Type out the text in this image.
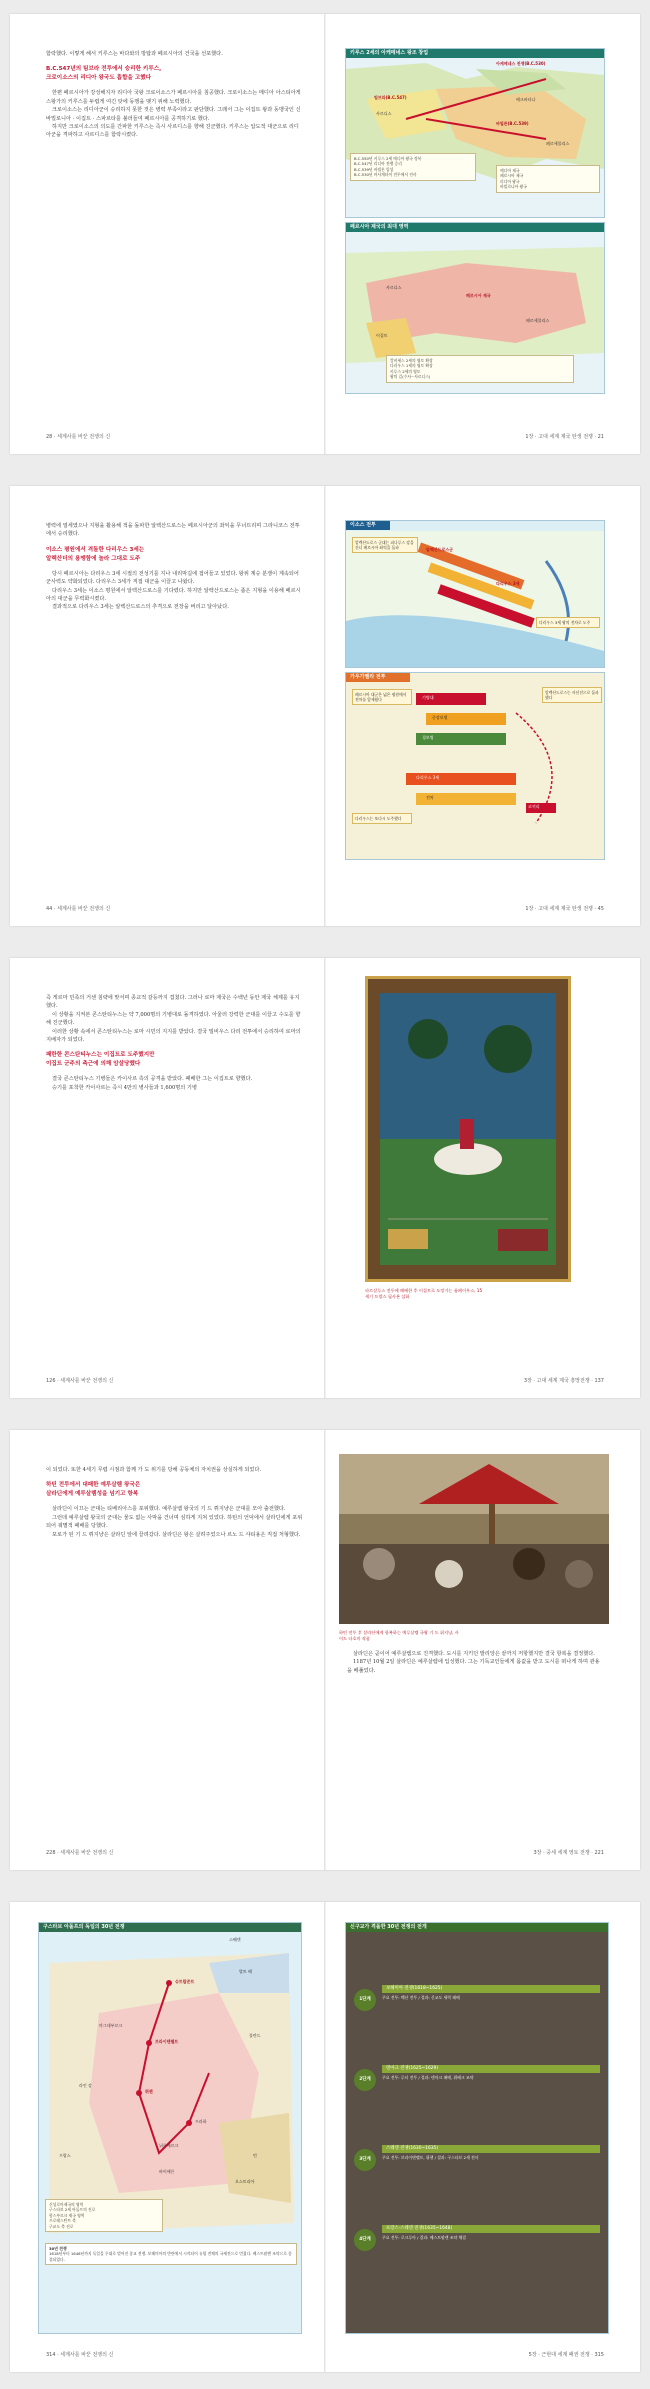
함락했다. 이렇게 해서 키루스는 바다와의 방탑과 페르시아의 건국을 선포했다.

B.C.547년의 팀브라 전투에서 승리한 키루스,
크로이소스의 리디아 왕국도 흡합을 고했다

한편 페르시아가 강성해지자 리디아 국왕 크로이소스가 페르시아를 침공했다. 크로이소스는 메디아 아스티아게스왕가의 키루스를 두렵게 여긴 탓에 동맹을 맺기 위해 노력했다.

크로이소스는 리디아군이 승리하지 못한 것은 병력 부족이라고 판단했다. 그래서 그는 이집트 왕과 동맹국인 신바빌로니아 · 이집트 · 스파르타를 불러들여 페르시아를 공격하기로 했다.

하지만 크로이소스의 의도를 간파한 키루스는 즉시 사르디스를 향해 진군했다. 키루스는 압도적 대군으로 리디아군을 격파하고 사르디스를 함락시켰다.

28 · 세계사를 바꾼 전쟁의 신
키루스 2세의 아케메네스 왕조 창업
아케메네스 전쟁(B.C.530)
팀브라(B.C.547)
사르디스
바빌론(B.C.539)
에크바타나
페르세폴리스
B.C.550년 키루스 2세 메디아 왕국 정복
B.C.547년 리디아 전쟁 승리
B.C.539년 바빌론 입성
B.C.530년 마사게타이 전투에서 전사
메디아 제국
페르시아 제국
리디아 왕국
바빌로니아 왕국
페르시아 제국의 최대 영역
페르시아 제국
이집트
사르디스
페르세폴리스
캄비세스 2세의 영토 확장
다리우스 1세의 영토 확장
키루스 2세의 영토
왕의 길(수사~사르디스)
1장 · 고대 세계 제국 탄생 전쟁 · 21

병력에 열세였으나 지형을 활용해 적을 돌파한 알렉산드로스는 페르시아군의 좌익을 무너뜨리며 그라니코스 전투에서 승리했다.

이소스 평원에서 격돌한 다리우스 3세는
알렉산더의 용맹함에 놀라 그대로 도주

당시 페르시아는 다리우스 3세 시절의 전성기를 지나 내리막길에 접어들고 있었다. 왕위 계승 분쟁이 계속되어 군사력도 약화되었다. 다리우스 3세가 직접 대군을 이끌고 나왔다.

다리우스 3세는 이소스 평원에서 알렉산드로스를 기다렸다. 하지만 알렉산드로스는 좁은 지형을 이용해 페르시아의 대군을 무력화시켰다.

결과적으로 다리우스 3세는 알렉산드로스의 추격으로 전장을 버리고 달아났다.

44 · 세계사를 바꾼 전쟁의 신
이소스 전투
알렉산드로스 군대는 피나루스 강을 건너 페르시아 좌익을 돌파
다리우스 3세 왕의 전차로 도주
알렉산드로스군
다리우스 3세
가우가멜라 전투
기병대
중장보병
경보병
다리우스 3세
전차
코끼리
페르시아 대군은 넓은 평원에서 전차를 앞세웠다
알렉산드로스는 사선진으로 돌파했다
다리우스는 또다시 도주했다
1장 · 고대 세계 제국 탄생 전쟁 · 45

즉 게르마 민족의 거센 침략에 맞서며 종교적 갈등까지 겹쳤다. 그러나 로마 제국은 수백년 동안 제국 체제를 유지했다.

이 상황을 지켜본 콘스탄티누스는 약 7,000명의 기병대로 돌격하였다. 아울러 강력한 군대를 이끌고 수도를 향해 진군했다.

이러한 상황 속에서 콘스탄티누스는 로마 시민의 지지를 받았다. 결국 밀비우스 다리 전투에서 승리하여 로마의 지배자가 되었다.

패한한 콘스탄티누스는 이집트로 도주했지만
이집트 군주의 측근에 의해 암살당했다

결국 콘스탄티누스 기병들은 카이사르 측의 공격을 받았다. 패배한 그는 이집트로 향했다.

승기를 포착한 카이사르는 즉시 4만의 병사들과 1,600명의 기병

126 · 세계사를 바꾼 전쟁의 신
파르살루스 전투에 패배한 후 이집트로 도망가는 폼페이우스, 15세기 프랑스 필사본 삽화
3장 · 고대 세계 제국 흥망전쟁 · 137

이 되었다. 또한 4세기 무렵 시점과 함께 가 도 위기를 당해 공동체의 자치권을 상실하게 되었다.

하틴 전투에서 대패한 예루살렘 왕국은
살라딘에게 예루살렘성을 넘기고 항복

살라딘이 이끄는 군대는 티베리아스를 포위했다. 예루살렘 왕국의 기 드 뤼지냥은 군대를 모아 출전했다.

그런데 예루살렘 왕국의 군대는 물도 없는 사막을 건너며 심하게 지쳐 있었다. 하틴의 언덕에서 살라딘에게 포위되어 궤멸적 패배를 당했다.

포로가 된 기 드 뤼지냥은 살라딘 앞에 끌려갔다. 살라딘은 왕은 살려주었으나 르노 드 샤티용은 직접 처형했다.

228 · 세계사를 바꾼 전쟁의 신
하틴 전투 후 살라딘에게 항복하는 예루살렘 국왕 기 드 뤼지냥, 사이드 타호미 작품

살라딘은 곧이어 예루살렘으로 진격했다. 도시를 지키던 발리앙은 끝까지 저항했지만 결국 항복을 결정했다.

1187년 10월 2일 살라딘은 예루살렘에 입성했다. 그는 기독교인들에게 몸값을 받고 도시를 떠나게 하며 관용을 베풀었다.

3장 · 중세 세계 영토 전쟁 · 221
구스타브 아돌프의 독일의 30년 전쟁
스웨덴
발트 해
슈트랄준트
브라이텐펠트
마그데부르크
뤼첸
프라하
폴란드
빈
오스트리아
바이에른
뉘른베르크
프랑스
라인 강
신성로마제국의 영역
구스타브 2세 아돌프의 진로
합스부르크 제국 영역
프로테스탄트 측
구교도 측 진로
30년 전쟁
1618년부터 1648년까지 독일을 무대로 벌어진 종교 전쟁. 보헤미아의 반란에서 시작되어 유럽 전체의 국제전으로 번졌다. 베스트팔렌 조약으로 종결되었다.
314 · 세계사를 바꾼 전쟁의 신
신구교가 격돌한 30년 전쟁의 전개
1단계
보헤미아 전쟁(1618~1625)
주요 전투: 백산 전투 / 결과: 신교도 세력 패배
2단계
덴마크 전쟁(1625~1629)
주요 전투: 루터 전투 / 결과: 덴마크 패배, 뤼베크 조약
3단계
스웨덴 전쟁(1630~1635)
주요 전투: 브라이텐펠트, 뤼첸 / 결과: 구스타브 2세 전사
4단계
프랑스·스웨덴 전쟁(1635~1648)
주요 전투: 로크루아 / 결과: 베스트팔렌 조약 체결
5장 · 근현대 세계 패권 전쟁 · 315
